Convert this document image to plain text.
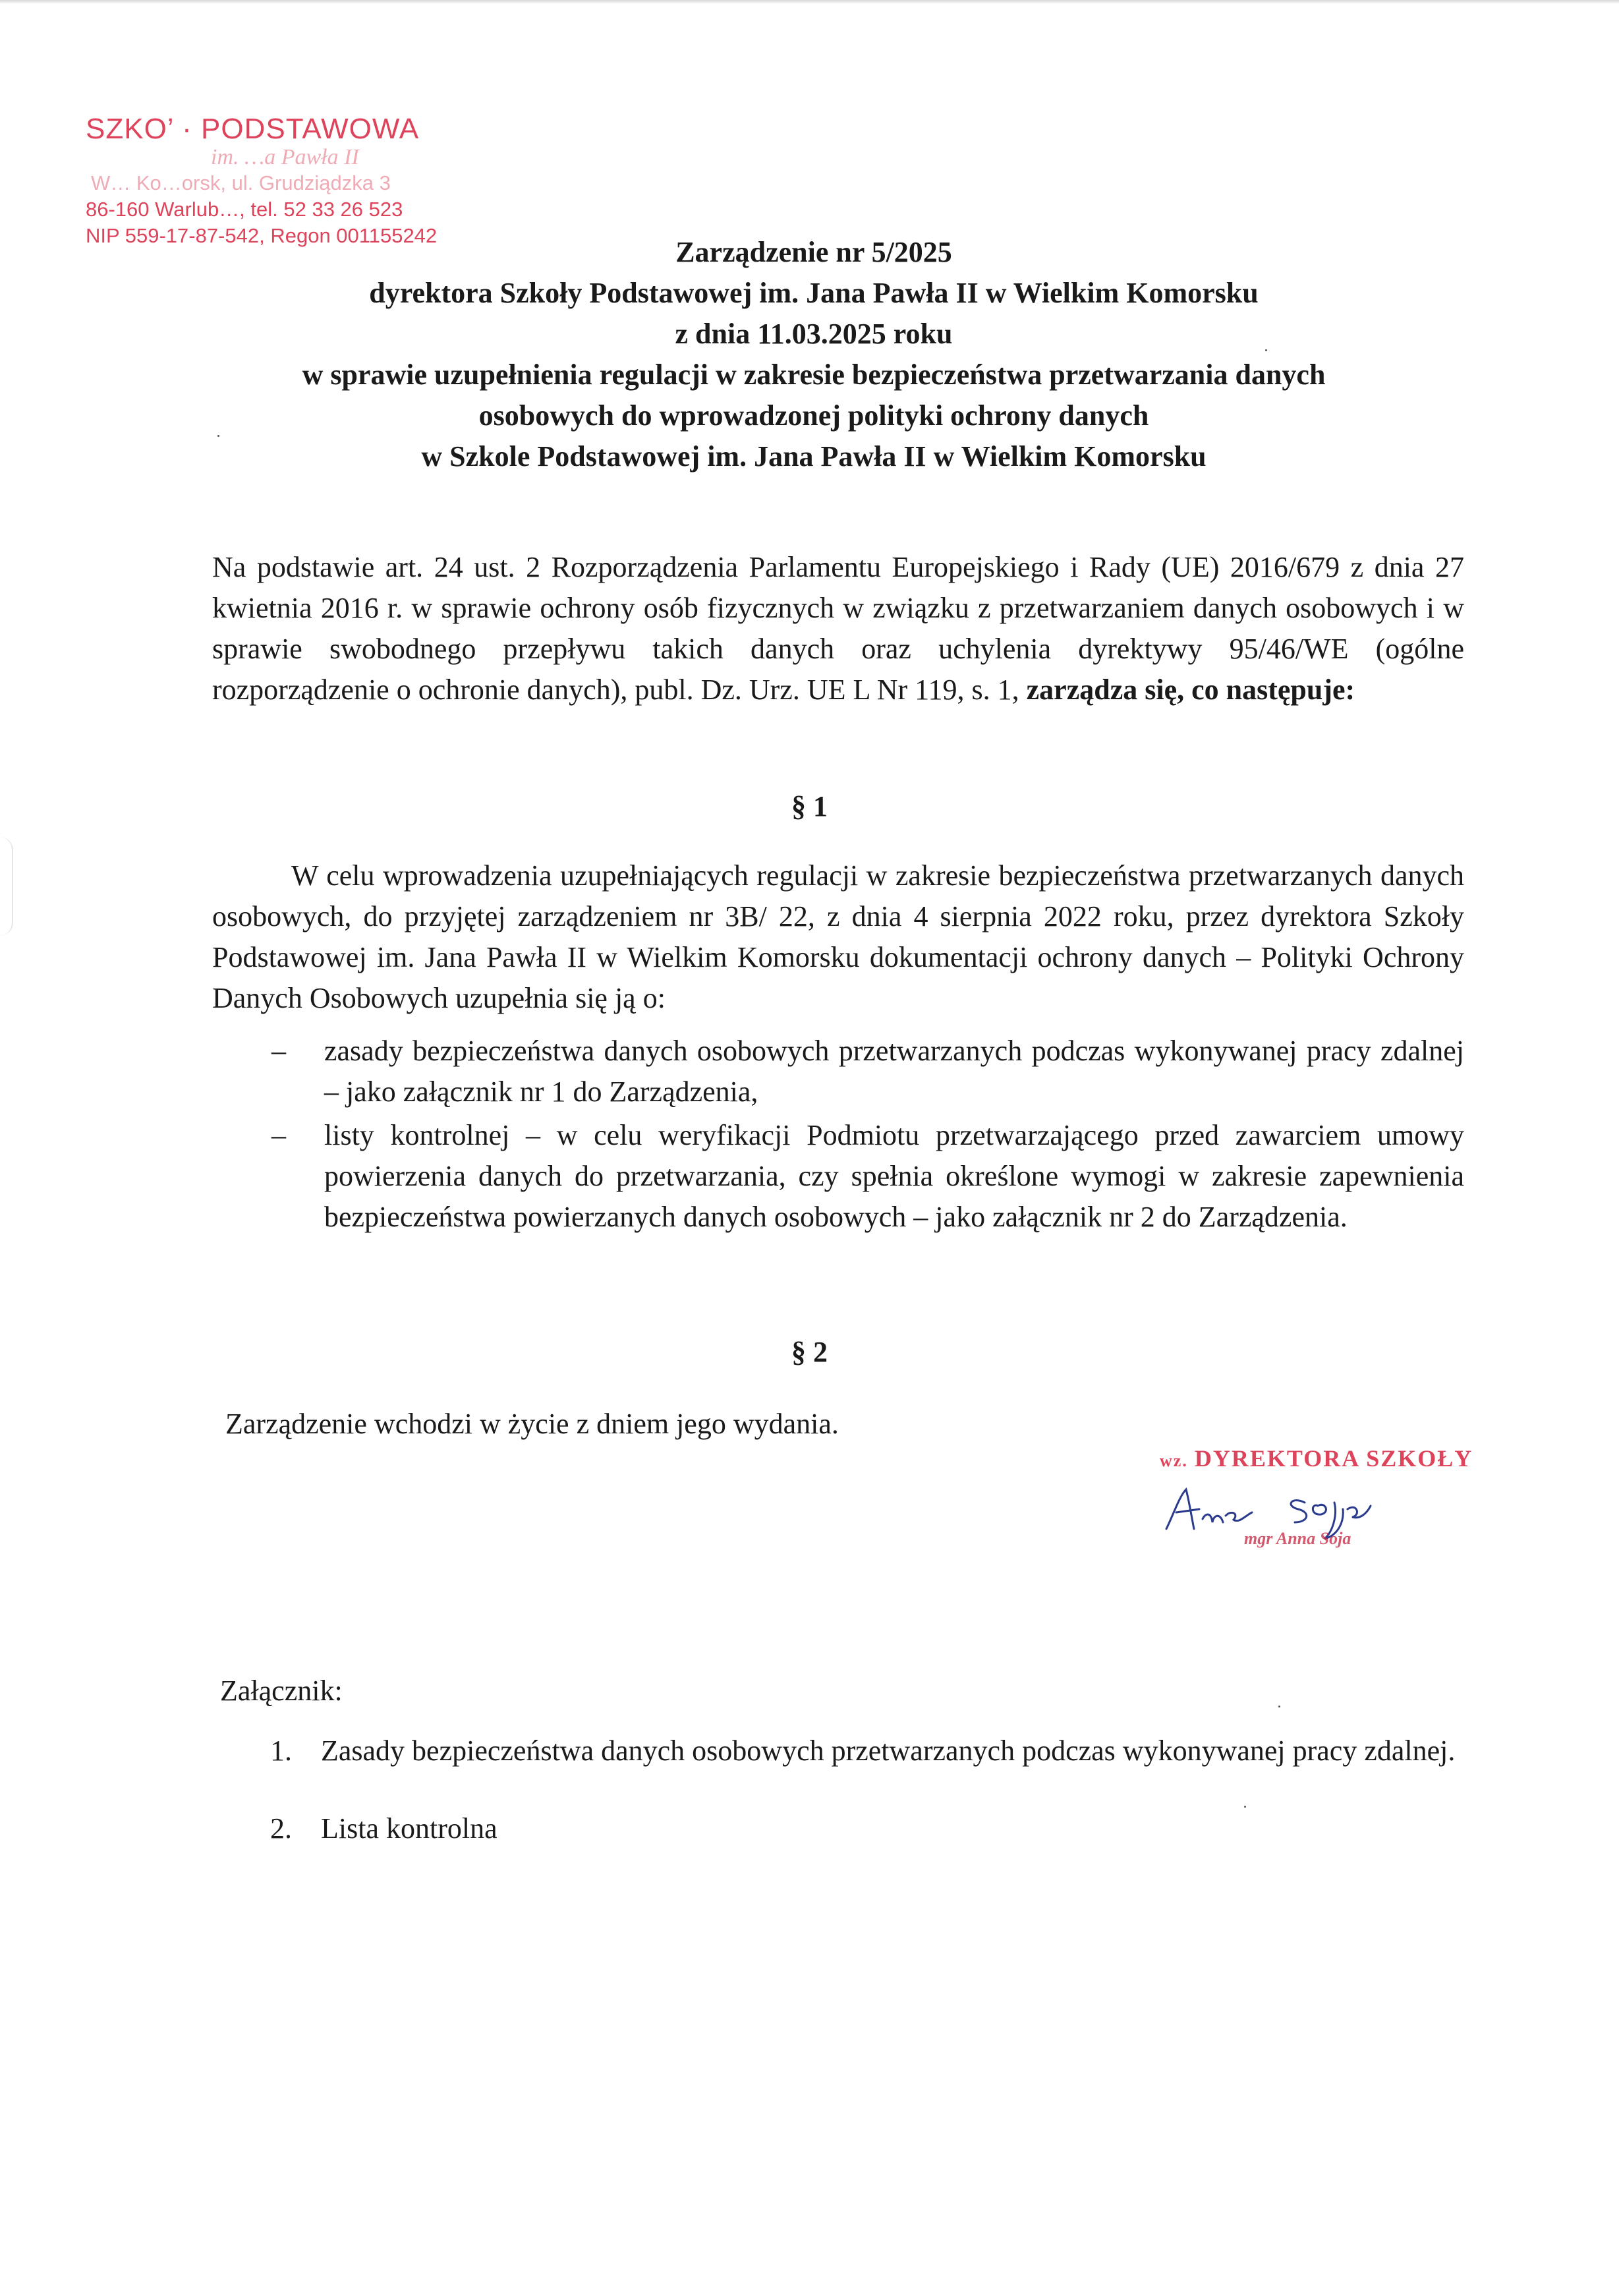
SZKO’ · PODSTAWOWA
im. …a Pawła II
W… Ko…orsk, ul. Grudziądzka 3
86-160 Warlub…, tel. 52 33 26 523
NIP 559-17-87-542, Regon 001155242
Zarządzenie nr 5/2025
dyrektora Szkoły Podstawowej im. Jana Pawła II w Wielkim Komorsku
z dnia 11.03.2025 roku
w sprawie uzupełnienia regulacji w zakresie bezpieczeństwa przetwarzania danych
osobowych do wprowadzonej polityki ochrony danych
w Szkole Podstawowej im. Jana Pawła II w Wielkim Komorsku
Na podstawie art. 24 ust. 2 Rozporządzenia Parlamentu Europejskiego i Rady (UE) 2016/679 z dnia 27 kwietnia 2016 r. w sprawie ochrony osób fizycznych w związku z przetwarzaniem danych osobowych i w sprawie swobodnego przepływu takich danych oraz uchylenia dyrektywy 95/46/WE (ogólne rozporządzenie o ochronie danych), publ. Dz. Urz. UE L Nr 119, s. 1, zarządza się, co następuje:
§ 1
W celu wprowadzenia uzupełniających regulacji w zakresie bezpieczeństwa przetwarzanych danych osobowych, do przyjętej zarządzeniem nr 3B/ 22, z dnia 4 sierpnia 2022 roku, przez dyrektora Szkoły Podstawowej im. Jana Pawła II w Wielkim Komorsku dokumentacji ochrony danych – Polityki Ochrony Danych Osobowych uzupełnia się ją o:
– zasady bezpieczeństwa danych osobowych przetwarzanych podczas wykonywanej pracy zdalnej – jako załącznik nr 1 do Zarządzenia,
– listy kontrolnej – w celu weryfikacji Podmiotu przetwarzającego przed zawarciem umowy powierzenia danych do przetwarzania, czy spełnia określone wymogi w zakresie zapewnienia bezpieczeństwa powierzanych danych osobowych – jako załącznik nr 2 do Zarządzenia.
§ 2
Zarządzenie wchodzi w życie z dniem jego wydania.
wz. DYREKTORA SZKOŁY
mgr Anna Soja
Załącznik:
1. Zasady bezpieczeństwa danych osobowych przetwarzanych podczas wykonywanej pracy zdalnej.
2. Lista kontrolna
